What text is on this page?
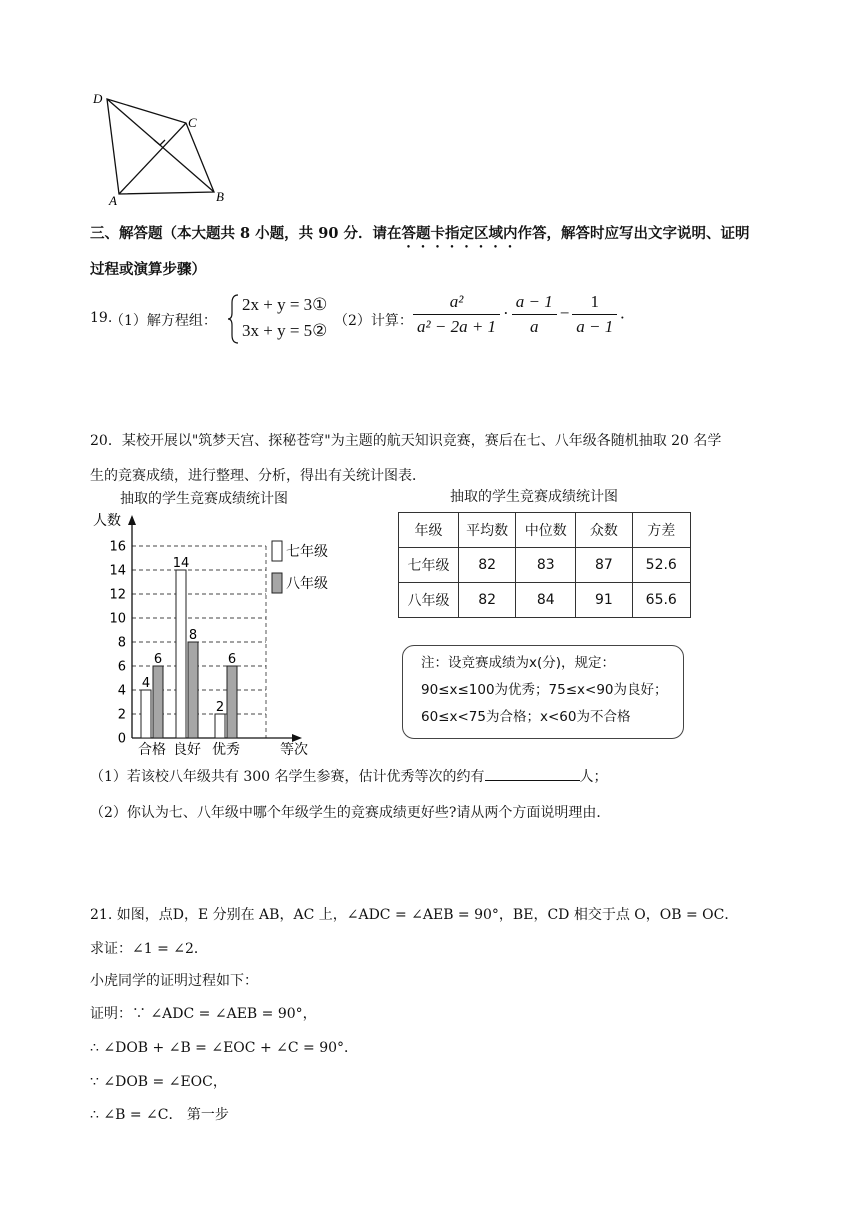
D
C
A	B
三、解答题（本大题共 8 小题，共 90 分．请在答题卡指定区域内作答，解答时应写出文字说明、证明
过程或演算步骤）
19.
（1）解方程组：
2x + y = 3①
3x + y = 5② （2）计算： $\frac{\text{a²}}{\text{a² − 2a + 1}} \cdot \frac{a - 1}{a} - \frac{1}{a - 1}$ .
20．某校开展以"筑梦天宫、探秘苍穹"为主题的航天知识竞赛，赛后在七、八年级各随机抽取 20 名学
生的竞赛成绩，进行整理、分析，得出有关统计图表．
抽取的学生竞赛成绩统计图
0
2
4
6
8
10
12
14
16
人数
等次
4
6
合格
14
8
良好
2
6
优秀
七年级
八年级
抽取的学生竞赛成绩统计图
年级	平均数	中位数	众数	方差
七年级	82	83	87	52.6
八年级	82	84	91	65.6
注：设竞赛成绩为x(分)，规定：
90≤x≤100为优秀；75≤x<90为良好；
60≤x<75为合格；x<60为不合格
（1）若该校八年级共有 300 名学生参赛，估计优秀等次的约有	人；
（2）你认为七、八年级中哪个年级学生的竞赛成绩更好些?请从两个方面说明理由．
21. 如图，点D，E 分别在 AB，AC 上，∠ADC = ∠AEB = 90°，BE，CD 相交于点 O，OB = OC．
求证：∠1 = ∠2．
小虎同学的证明过程如下：
证明：∵ ∠ADC = ∠AEB = 90°，
∴ ∠DOB + ∠B = ∠EOC + ∠C = 90°．
∵ ∠DOB = ∠EOC，
∴ ∠B = ∠C． 第一步
